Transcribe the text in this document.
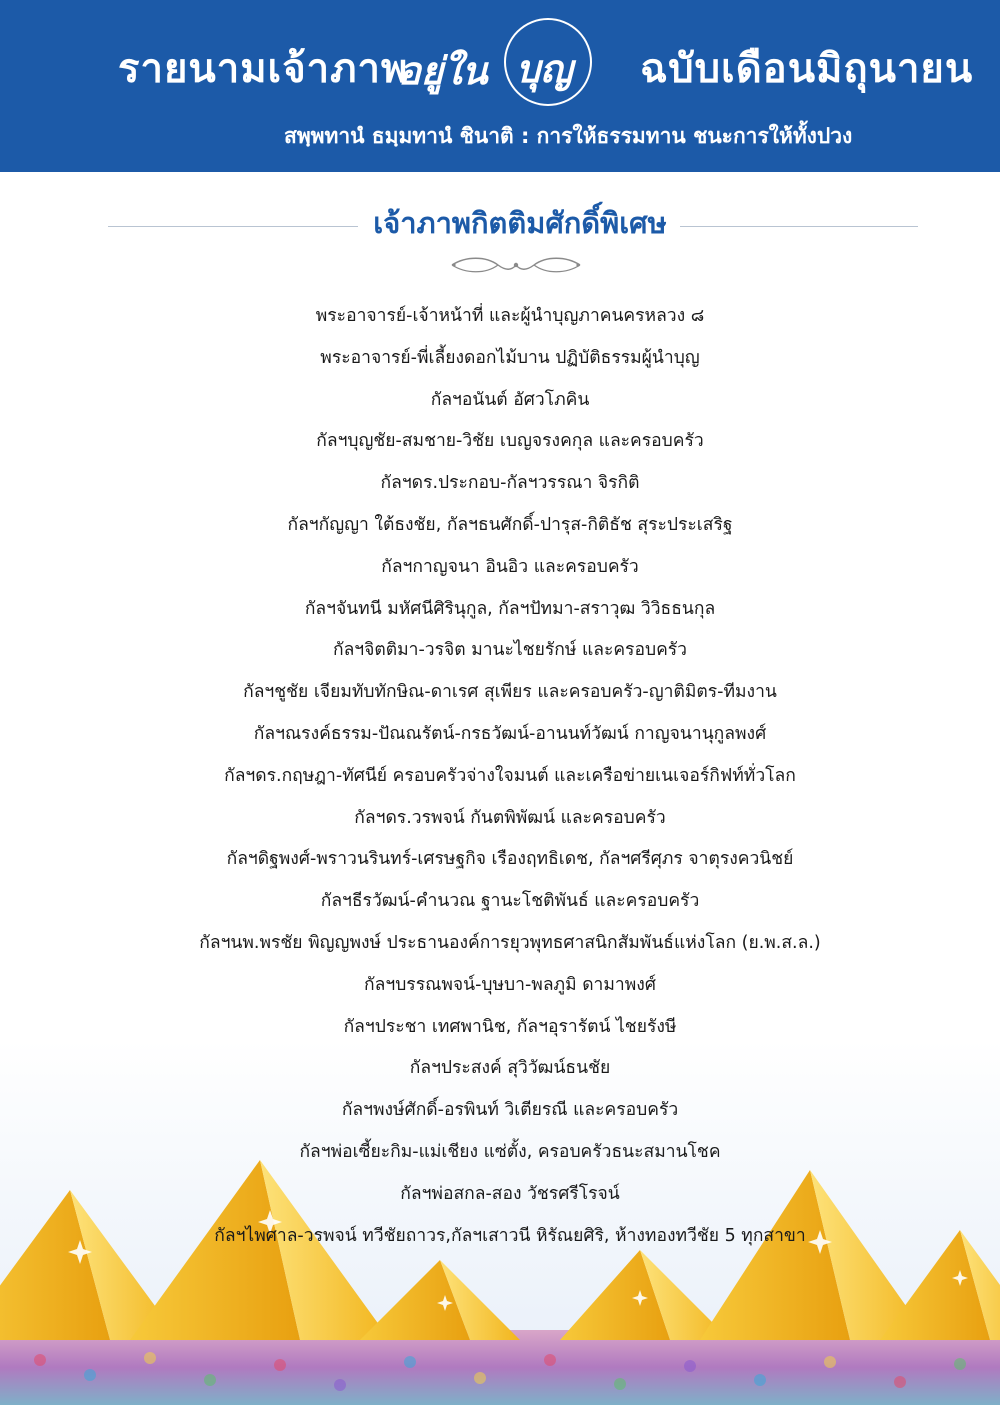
รายนามเจ้าภาพ
อยู่ใน บุญ ฉบับเดือนมิถุนายน
สพฺพทานํ ธมฺมทานํ ชินาติ : การให้ธรรมทาน ชนะการให้ทั้งปวง
เจ้าภาพกิตติมศักดิ์พิเศษ
พระอาจารย์-เจ้าหน้าที่ และผู้นำบุญภาคนครหลวง ๘
พระอาจารย์-พี่เลี้ยงดอกไม้บาน ปฏิบัติธรรมผู้นำบุญ
กัลฯอนันต์ อัศวโภคิน
กัลฯบุญชัย-สมชาย-วิชัย เบญจรงคกุล และครอบครัว
กัลฯดร.ประกอบ-กัลฯวรรณา จิรกิติ
กัลฯกัญญา ใต้ธงชัย, กัลฯธนศักดิ์-ปารุส-กิติธัช สุระประเสริฐ
กัลฯกาญจนา อินอิว และครอบครัว
กัลฯจันทนี มหัศนีศิรินุกูล, กัลฯปัทมา-สราวุฒ วิวิธธนกุล
กัลฯจิตติมา-วรจิต มานะไชยรักษ์ และครอบครัว
กัลฯชูชัย เจียมทับทักษิณ-ดาเรศ สุเพียร และครอบครัว-ญาติมิตร-ทีมงาน
กัลฯณรงค์ธรรม-ปัณณรัตน์-กรธวัฒน์-อานนท์วัฒน์ กาญจนานุกูลพงศ์
กัลฯดร.กฤษฎา-ทัศนีย์ ครอบครัวจ่างใจมนต์ และเครือข่ายเนเจอร์กิฟท์ทั่วโลก
กัลฯดร.วรพจน์ กันตพิพัฒน์ และครอบครัว
กัลฯดิฐพงศ์-พราวนรินทร์-เศรษฐกิจ เรืองฤทธิเดช, กัลฯศรีศุภร จาตุรงควนิชย์
กัลฯธีรวัฒน์-คำนวณ ฐานะโชติพันธ์ และครอบครัว
กัลฯนพ.พรชัย พิญญพงษ์ ประธานองค์การยุวพุทธศาสนิกสัมพันธ์แห่งโลก (ย.พ.ส.ล.)
กัลฯบรรณพจน์-บุษบา-พลภูมิ ดามาพงศ์
กัลฯประชา เทศพานิช, กัลฯอุรารัตน์ ไชยรังษี
กัลฯประสงค์ สุวิวัฒน์ธนชัย
กัลฯพงษ์ศักดิ์-อรพินท์ วิเตียรณี และครอบครัว
กัลฯพ่อเซี้ยะกิม-แม่เชียง แซ่ตั้ง, ครอบครัวธนะสมานโชค
กัลฯพ่อสกล-สอง วัชรศรีโรจน์
กัลฯไพศาล-วรพจน์ ทวีชัยถาวร,กัลฯเสาวนี หิรัณยศิริ, ห้างทองทวีชัย 5 ทุกสาขา
